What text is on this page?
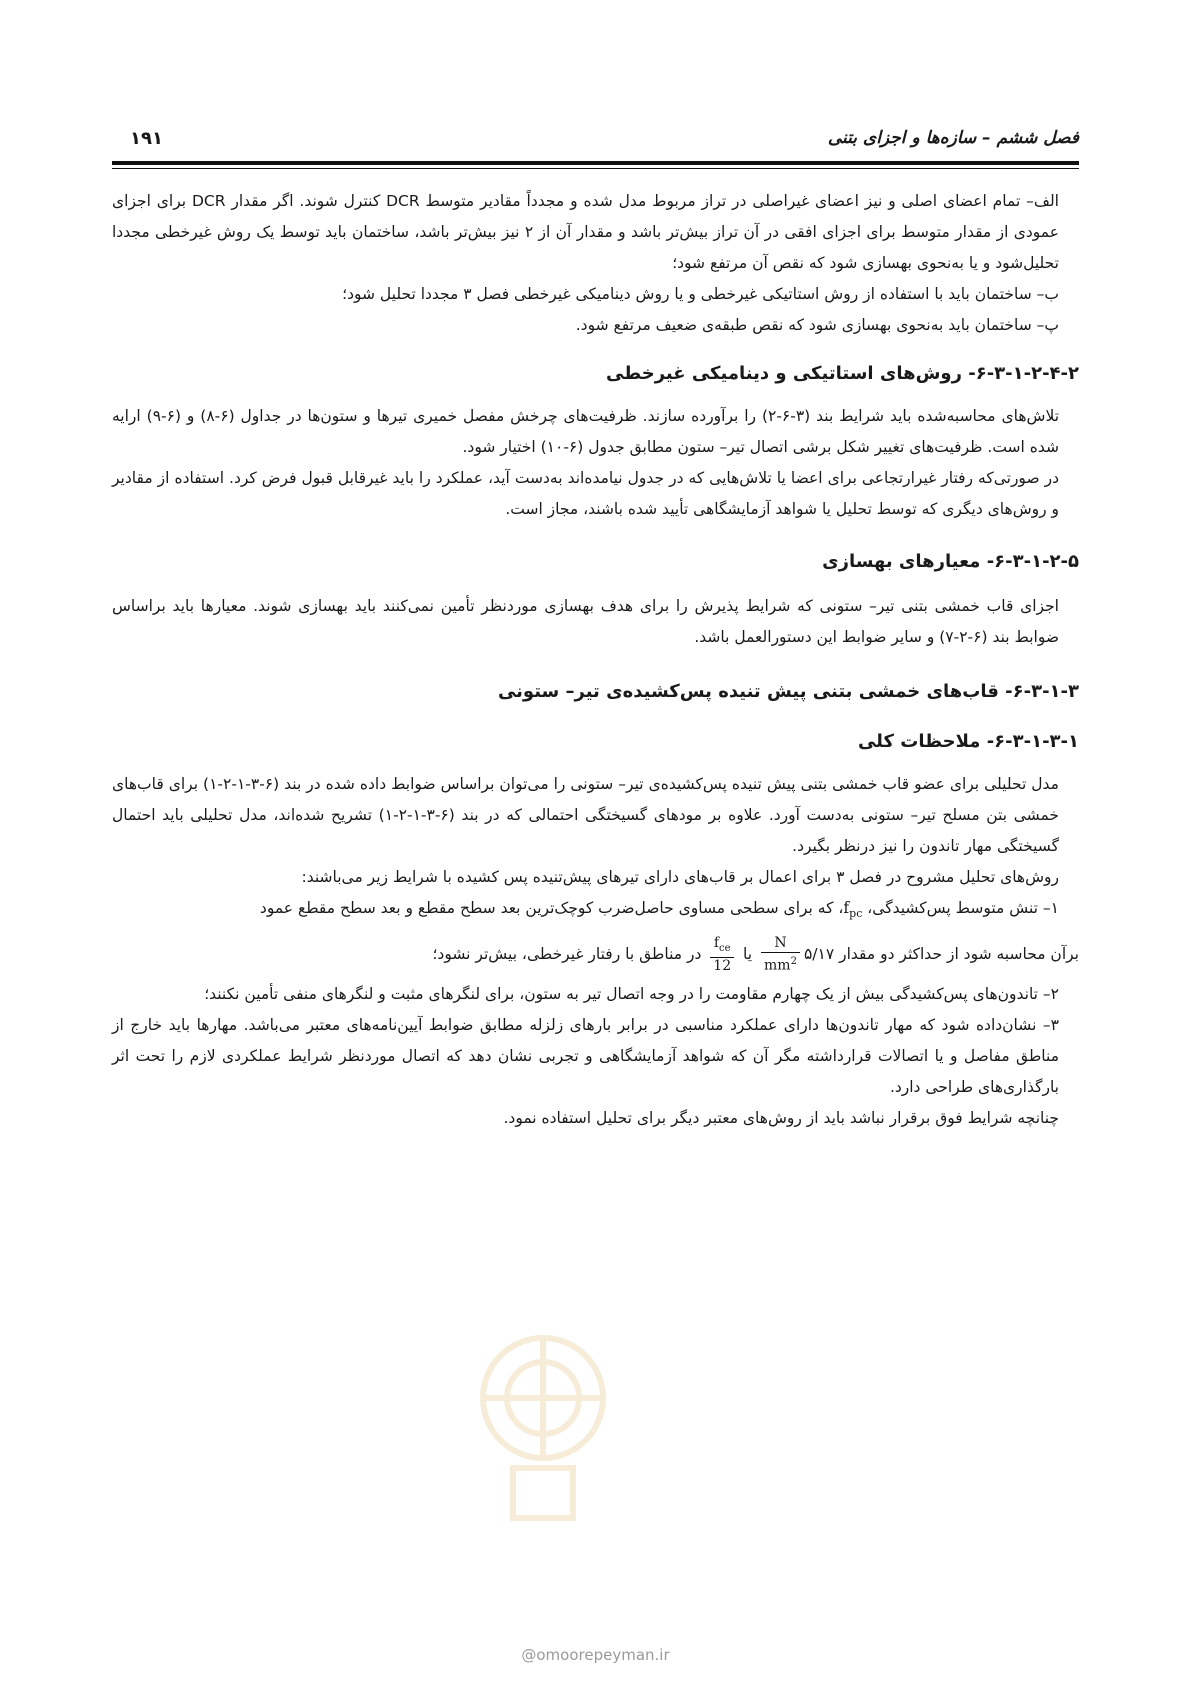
فصل ششم – سازه‌ها و اجزای بتنی
۱۹۱

الف– تمام اعضای اصلی و نیز اعضای غیراصلی در تراز مربوط مدل شده و مجدداً مقادیر متوسط DCR کنترل شوند. اگر مقدار DCR برای اجزای عمودی از مقدار متوسط برای اجزای افقی در آن تراز بیش‌تر باشد و مقدار آن از ۲ نیز بیش‌تر باشد، ساختمان باید توسط یک روش غیرخطی مجددا تحلیل‌شود و یا به‌نحوی بهسازی شود که نقص آن مرتفع شود؛

ب– ساختمان باید با استفاده از روش استاتیکی غیرخطی و یا روش دینامیکی غیرخطی فصل ۳ مجددا تحلیل شود؛

پ– ساختمان باید به‌نحوی بهسازی شود که نقص طبقه‌ی ضعیف مرتفع شود.

۶-۳-۱-۲-۴-۲- روش‌های استاتیکی و دینامیکی غیرخطی

تلاش‌های محاسبه‌شده باید شرایط بند (۳-۶-۲) را برآورده سازند. ظرفیت‌های چرخش مفصل خمیری تیرها و ستون‌ها در جداول (۶-۸) و (۶-۹) ارایه شده است. ظرفیت‌های تغییر شکل برشی اتصال تیر– ستون مطابق جدول (۶-۱۰) اختیار شود.

در صورتی‌که رفتار غیرارتجاعی برای اعضا یا تلاش‌هایی که در جدول نیامده‌اند به‌دست آید، عملکرد را باید غیرقابل قبول فرض کرد. استفاده از مقادیر و روش‌های دیگری که توسط تحلیل یا شواهد آزمایشگاهی تأیید شده باشند، مجاز است.

۶-۳-۱-۲-۵- معیارهای بهسازی

اجزای قاب خمشی بتنی تیر– ستونی که شرایط پذیرش را برای هدف بهسازی موردنظر تأمین نمی‌کنند باید بهسازی شوند. معیارها باید براساس ضوابط بند (۶-۲-۷) و سایر ضوابط این دستورالعمل باشد.

۶-۳-۱-۳- قاب‌های خمشی بتنی پیش تنیده پس‌کشیده‌ی تیر– ستونی
۶-۳-۱-۳-۱- ملاحظات کلی

مدل تحلیلی برای عضو قاب خمشی بتنی پیش تنیده پس‌کشیده‌ی تیر– ستونی را می‌توان براساس ضوابط داده شده در بند (۶-۳-۱-۲-۱) برای قاب‌های خمشی بتن مسلح تیر– ستونی به‌دست آورد. علاوه بر مودهای گسیختگی احتمالی که در بند (۶-۳-۱-۲-۱) تشریح شده‌اند، مدل تحلیلی باید احتمال گسیختگی مهار تاندون را نیز درنظر بگیرد.

روش‌های تحلیل مشروح در فصل ۳ برای اعمال بر قاب‌های دارای تیرهای پیش‌تنیده پس کشیده با شرایط زیر می‌باشند:

۱– تنش متوسط پس‌کشیدگی، $f_{pc}،$ که برای سطحی مساوی حاصل‌ضرب کوچک‌ترین بعد سطح مقطع و بعد سطح مقطع عمود

برآن محاسبه شود از حداکثر دو مقدار ۵/۱۷
$\frac{N}{mm^2}$
یا
$\frac{f_{ce}}{12}$
در مناطق با رفتار غیرخطی، بیش‌تر نشود؛

۲– تاندون‌های پس‌کشیدگی بیش از یک چهارم مقاومت را در وجه اتصال تیر به ستون، برای لنگرهای مثبت و لنگرهای منفی تأمین نکنند؛

۳– نشان‌داده شود که مهار تاندون‌ها دارای عملکرد مناسبی در برابر بارهای زلزله مطابق ضوابط آیین‌نامه‌های معتبر می‌باشد. مهارها باید خارج از مناطق مفاصل و یا اتصالات قرارداشته مگر آن که شواهد آزمایشگاهی و تجربی نشان دهد که اتصال موردنظر شرایط عملکردی لازم را تحت اثر بارگذاری‌های طراحی دارد.

چنانچه شرایط فوق برقرار نباشد باید از روش‌های معتبر دیگر برای تحلیل استفاده نمود.

@omoorepeyman.ir
